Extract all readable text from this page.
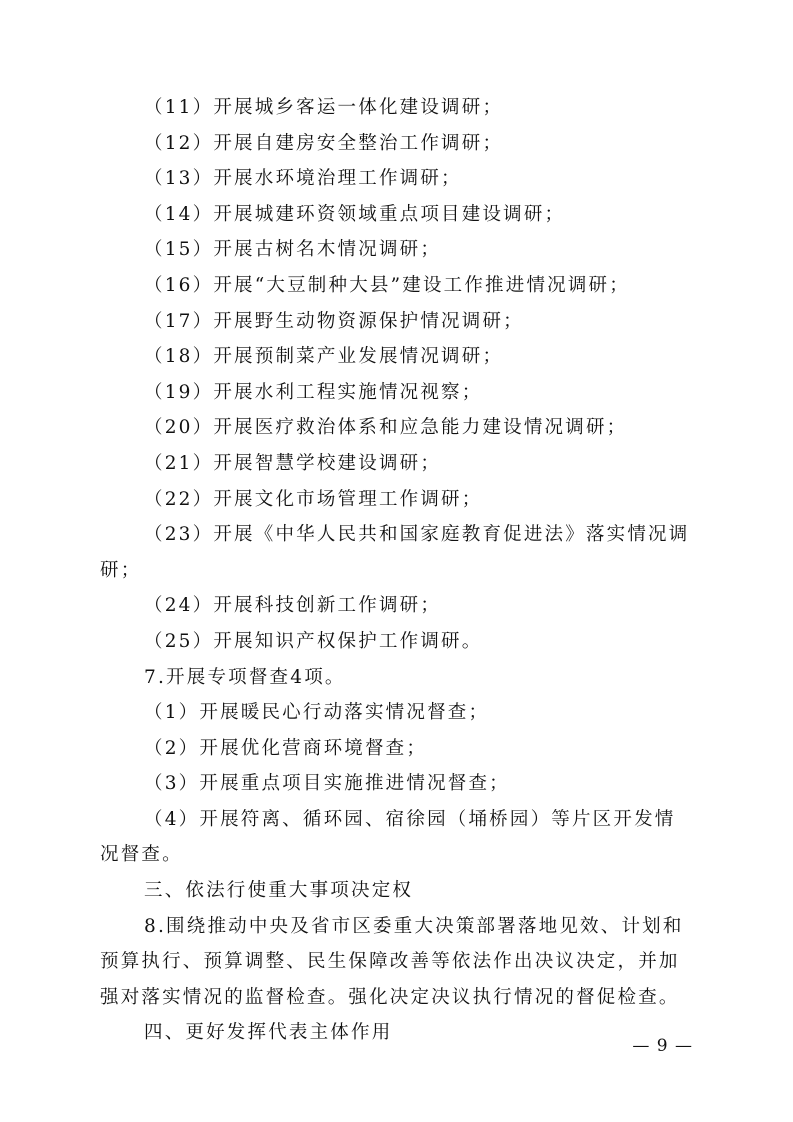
（11）开展城乡客运一体化建设调研；
（12）开展自建房安全整治工作调研；
（13）开展水环境治理工作调研；
（14）开展城建环资领域重点项目建设调研；
（15）开展古树名木情况调研；
（16）开展“大豆制种大县”建设工作推进情况调研；
（17）开展野生动物资源保护情况调研；
（18）开展预制菜产业发展情况调研；
（19）开展水利工程实施情况视察；
（20）开展医疗救治体系和应急能力建设情况调研；
（21）开展智慧学校建设调研；
（22）开展文化市场管理工作调研；
（23）开展《中华人民共和国家庭教育促进法》落实情况调
研；
（24）开展科技创新工作调研；
（25）开展知识产权保护工作调研。
7.开展专项督查4项。
（1）开展暖民心行动落实情况督查；
（2）开展优化营商环境督查；
（3）开展重点项目实施推进情况督查；
（4）开展符离、循环园、宿徐园（埇桥园）等片区开发情
况督查。
三、依法行使重大事项决定权
8.围绕推动中央及省市区委重大决策部署落地见效、计划和
预算执行、预算调整、民生保障改善等依法作出决议决定，并加
强对落实情况的监督检查。强化决定决议执行情况的督促检查。
四、更好发挥代表主体作用
— 9 —
